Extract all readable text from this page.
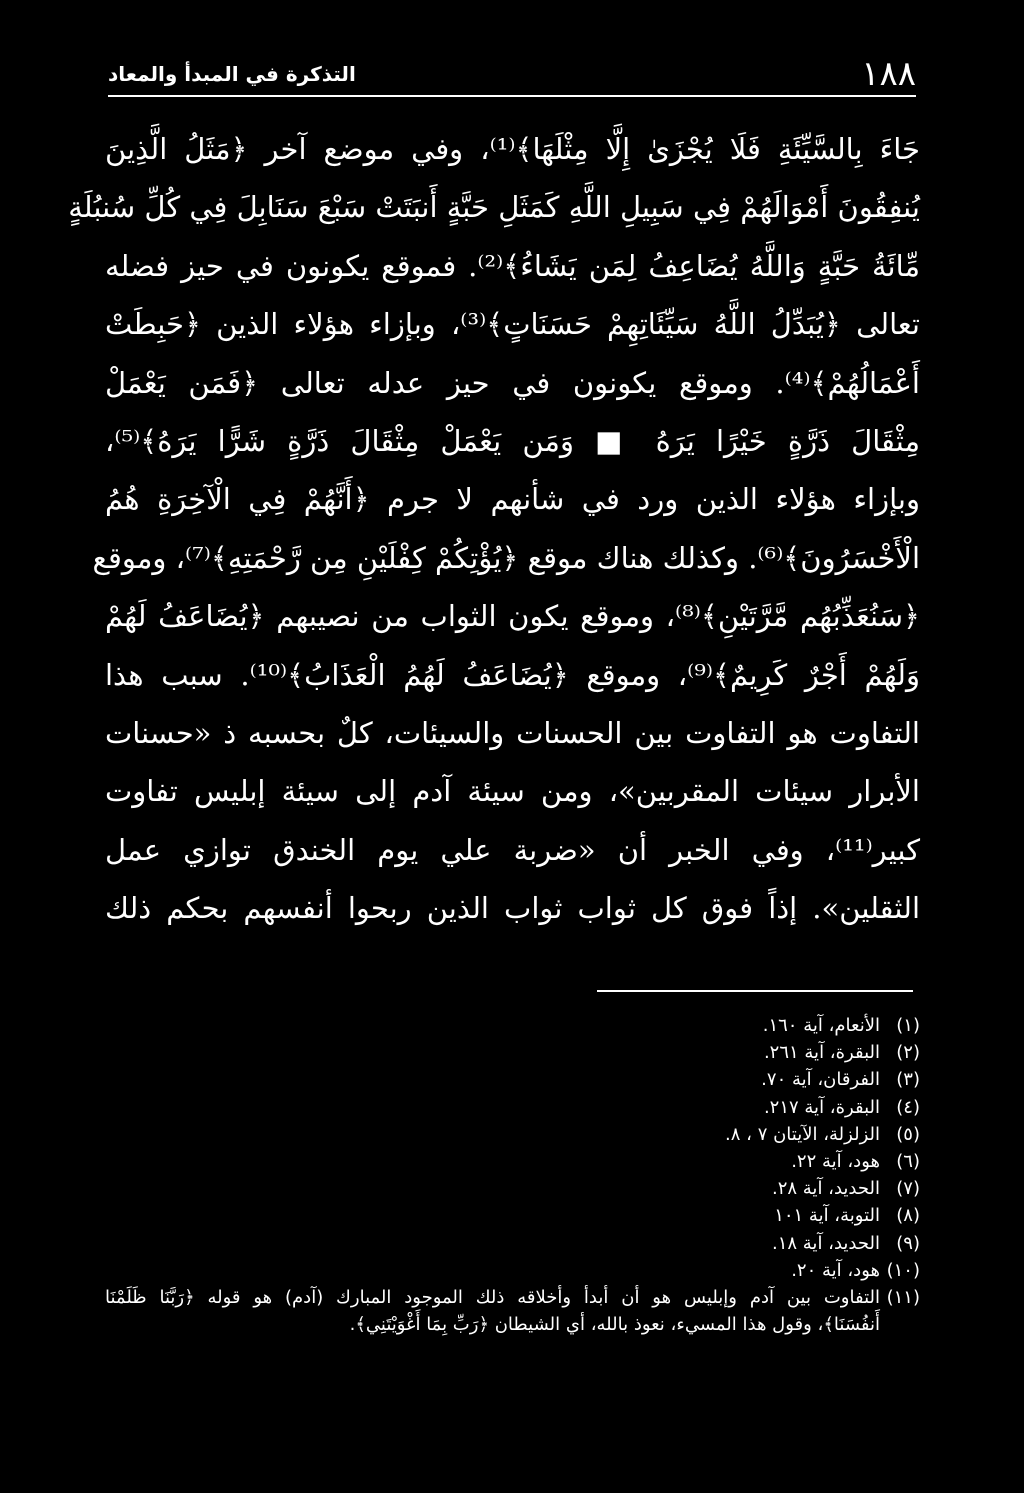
١٨٨
التذكرة في المبدأ والمعاد
جَاءَ بِالسَّيِّئَةِ فَلَا يُجْزَىٰ إِلَّا مِثْلَهَا﴾⁽¹⁾، وفي موضع آخر ﴿مَثَلُ الَّذِينَ
يُنفِقُونَ أَمْوَالَهُمْ فِي سَبِيلِ اللَّهِ كَمَثَلِ حَبَّةٍ أَنبَتَتْ سَبْعَ سَنَابِلَ فِي كُلِّ سُنبُلَةٍ
مِّائَةُ حَبَّةٍ وَاللَّهُ يُضَاعِفُ لِمَن يَشَاءُ﴾⁽²⁾. فموقع يكونون في حيز فضله
تعالى ﴿يُبَدِّلُ اللَّهُ سَيِّئَاتِهِمْ حَسَنَاتٍ﴾⁽³⁾، وبإزاء هؤلاء الذين ﴿حَبِطَتْ
أَعْمَالُهُمْ﴾⁽⁴⁾. وموقع يكونون في حيز عدله تعالى ﴿فَمَن يَعْمَلْ
مِثْقَالَ ذَرَّةٍ خَيْرًا يَرَهُ ■ وَمَن يَعْمَلْ مِثْقَالَ ذَرَّةٍ شَرًّا يَرَهُ﴾⁽⁵⁾،
وبإزاء هؤلاء الذين ورد في شأنهم لا جرم ﴿أَنَّهُمْ فِي الْآخِرَةِ هُمُ
الْأَخْسَرُونَ﴾⁽⁶⁾. وكذلك هناك موقع ﴿يُؤْتِكُمْ كِفْلَيْنِ مِن رَّحْمَتِهِ﴾⁽⁷⁾، وموقع
﴿سَنُعَذِّبُهُم مَّرَّتَيْنِ﴾⁽⁸⁾، وموقع يكون الثواب من نصيبهم ﴿يُضَاعَفُ لَهُمْ
وَلَهُمْ أَجْرٌ كَرِيمٌ﴾⁽⁹⁾، وموقع ﴿يُضَاعَفُ لَهُمُ الْعَذَابُ﴾⁽¹⁰⁾. سبب هذا
التفاوت هو التفاوت بين الحسنات والسيئات، كلٌ بحسبه ذ «حسنات
الأبرار سيئات المقربين»، ومن سيئة آدم إلى سيئة إبليس تفاوت
كبير⁽¹¹⁾، وفي الخبر أن «ضربة علي يوم الخندق توازي عمل
الثقلين». إذاً فوق كل ثواب ثواب الذين ربحوا أنفسهم بحكم ذلك
(١)الأنعام، آية ١٦٠.
(٢)البقرة، آية ٢٦١.
(٣)الفرقان، آية ٧٠.
(٤)البقرة، آية ٢١٧.
(٥)الزلزلة، الآيتان ٧ ، ٨.
(٦)هود، آية ٢٢.
(٧)الحديد، آية ٢٨.
(٨)التوبة، آية ١٠١
(٩)الحديد، آية ١٨.
(١٠)هود، آية ٢٠.
(١١)التفاوت بين آدم وإبليس هو أن أبدأ وأخلاقه ذلك الموجود المبارك (آدم) هو قوله ﴿رَبَّنَا ظَلَمْنَا
أَنفُسَنَا﴾، وقول هذا المسيء، نعوذ بالله، أي الشيطان ﴿رَبِّ بِمَا أَغْوَيْتَنِي﴾.
